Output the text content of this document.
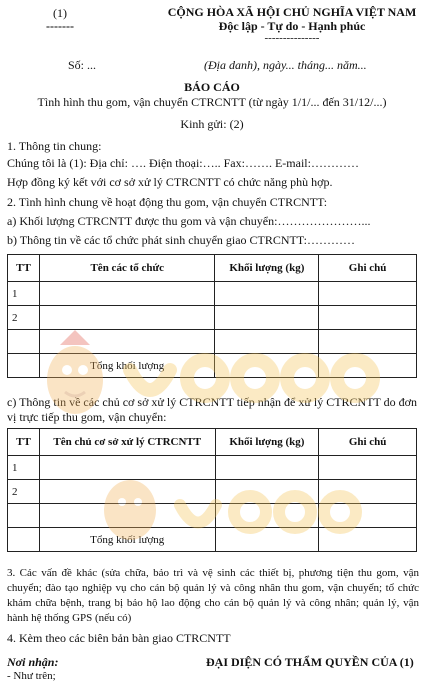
(1)
-------
CỘNG HÒA XÃ HỘI CHỦ NGHĨA VIỆT NAM
Độc lập - Tự do - Hạnh phúc
---------------
Số: ...	(Địa danh), ngày... tháng... năm...
BÁO CÁO
Tình hình thu gom, vận chuyển CTRCNTT (từ ngày 1/1/... đến 31/12/...)
Kinh gửi: (2)
1. Thông tin chung:
Chúng tôi là (1): Địa chỉ: …. Điện thoại:….. Fax:……. E-mail:…………
Hợp đồng ký kết với cơ sở xử lý CTRCNTT có chức năng phù hợp.
2. Tình hình chung về hoạt động thu gom, vận chuyển CTRCNTT:
a) Khối lượng CTRCNTT được thu gom và vận chuyển:…………………...
b) Thông tin về các tổ chức phát sinh chuyển giao CTRCNTT:…………
TT	Tên các tổ chức	Khối lượng (kg)	Ghi chú
1			
2			

	Tổng khối lượng		
c) Thông tin về các chủ cơ sở xử lý CTRCNTT tiếp nhận để xử lý CTRCNTT do đơn vị trực tiếp thu gom, vận chuyển:
TT	Tên chủ cơ sở xử lý CTRCNTT	Khối lượng (kg)	Ghi chú
1			
2			

	Tổng khối lượng		
3. Các vấn đề khác (sửa chữa, bảo trì và vệ sinh các thiết bị, phương tiện thu gom, vận chuyển; đào tạo nghiệp vụ cho cán bộ quản lý và công nhân thu gom, vận chuyển; tổ chức khám chữa bệnh, trang bị bảo hộ lao động cho cán bộ quản lý và công nhân; quản lý, vận hành hệ thống GPS (nếu có)
4. Kèm theo các biên bản bàn giao CTRCNTT
Nơi nhận:
- Như trên;
ĐẠI DIỆN CÓ THẨM QUYỀN CỦA (1)
